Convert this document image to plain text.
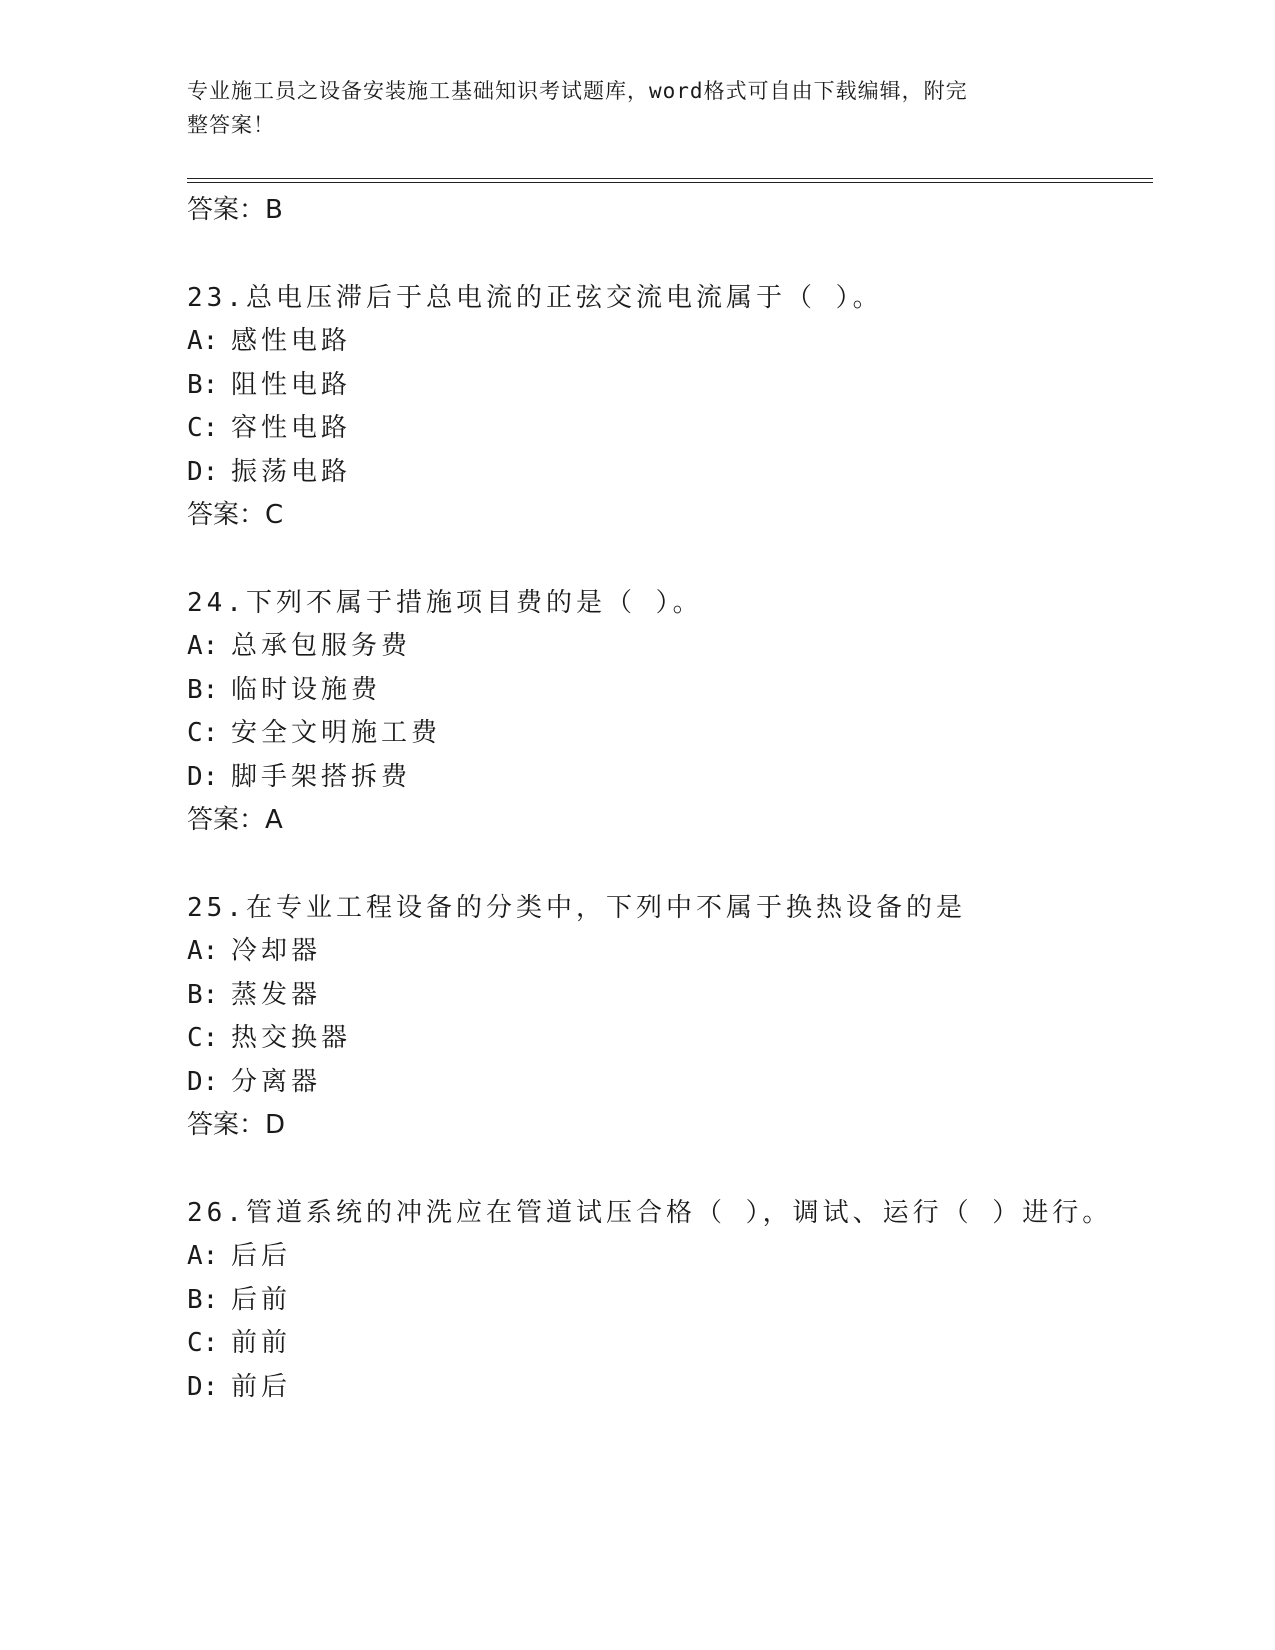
专业施工员之设备安装施工基础知识考试题库，word格式可自由下载编辑，附完
整答案！
答案：B
23.总电压滞后于总电流的正弦交流电流属于（ ）。
A: 感性电路
B: 阻性电路
C: 容性电路
D: 振荡电路
答案：C
24.下列不属于措施项目费的是（ ）。
A: 总承包服务费
B: 临时设施费
C: 安全文明施工费
D: 脚手架搭拆费
答案：A
25.在专业工程设备的分类中，下列中不属于换热设备的是
A: 冷却器
B: 蒸发器
C: 热交换器
D: 分离器
答案：D
26.管道系统的冲洗应在管道试压合格（ ），调试、运行（ ）进行。
A: 后后
B: 后前
C: 前前
D: 前后
